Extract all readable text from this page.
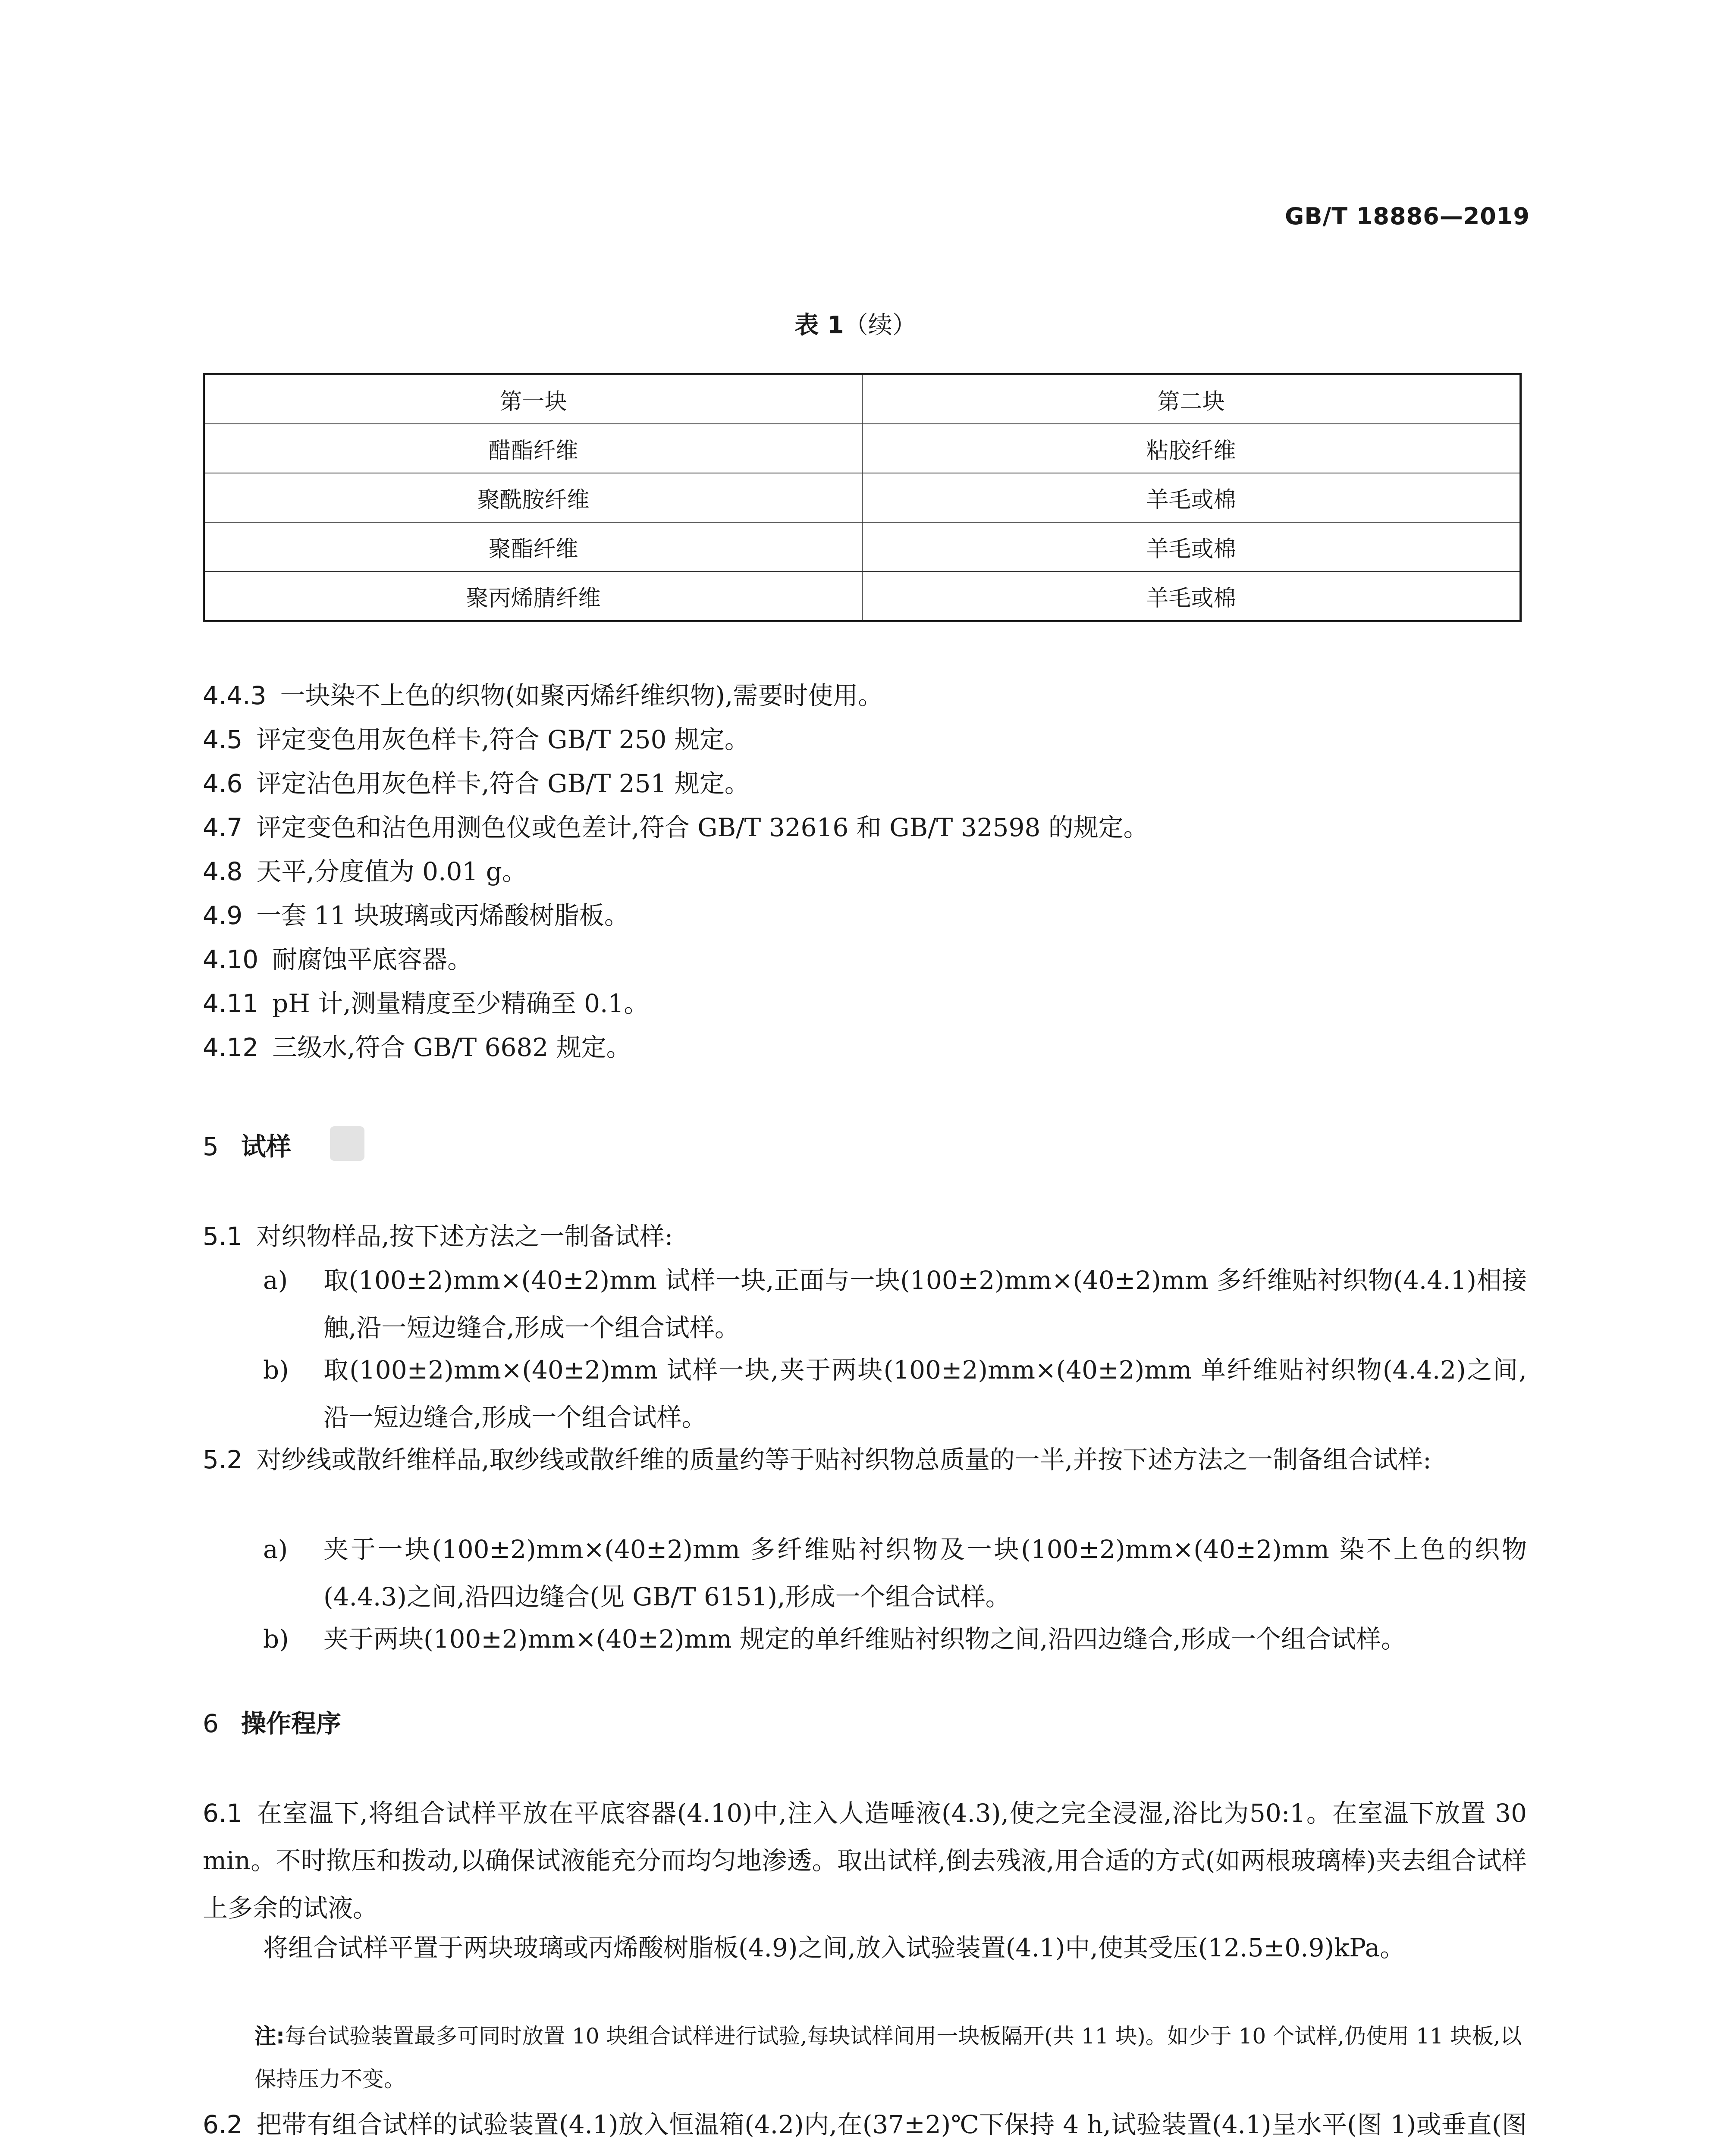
GB/T 18886—2019
表 1（续）
第一块	第二块
醋酯纤维	粘胶纤维
聚酰胺纤维	羊毛或棉
聚酯纤维	羊毛或棉
聚丙烯腈纤维	羊毛或棉
4.4.3 一块染不上色的织物(如聚丙烯纤维织物),需要时使用。
4.5 评定变色用灰色样卡,符合 GB/T 250 规定。
4.6 评定沾色用灰色样卡,符合 GB/T 251 规定。
4.7 评定变色和沾色用测色仪或色差计,符合 GB/T 32616 和 GB/T 32598 的规定。
4.8 天平,分度值为 0.01 g。
4.9 一套 11 块玻璃或丙烯酸树脂板。
4.10 耐腐蚀平底容器。
4.11 pH 计,测量精度至少精确至 0.1。
4.12 三级水,符合 GB/T 6682 规定。
5 试样
5.1 对织物样品,按下述方法之一制备试样:
a) 取(100±2)mm×(40±2)mm 试样一块,正面与一块(100±2)mm×(40±2)mm 多纤维贴衬织物(4.4.1)相接触,沿一短边缝合,形成一个组合试样。
b) 取(100±2)mm×(40±2)mm 试样一块,夹于两块(100±2)mm×(40±2)mm 单纤维贴衬织物(4.4.2)之间,沿一短边缝合,形成一个组合试样。
5.2 对纱线或散纤维样品,取纱线或散纤维的质量约等于贴衬织物总质量的一半,并按下述方法之一制备组合试样:
a) 夹于一块(100±2)mm×(40±2)mm 多纤维贴衬织物及一块(100±2)mm×(40±2)mm 染不上色的织物(4.4.3)之间,沿四边缝合(见 GB/T 6151),形成一个组合试样。
b) 夹于两块(100±2)mm×(40±2)mm 规定的单纤维贴衬织物之间,沿四边缝合,形成一个组合试样。
6 操作程序
6.1 在室温下,将组合试样平放在平底容器(4.10)中,注入人造唾液(4.3),使之完全浸湿,浴比为50:1。在室温下放置 30 min。不时揿压和拨动,以确保试液能充分而均匀地渗透。取出试样,倒去残液,用合适的方式(如两根玻璃棒)夹去组合试样上多余的试液。
将组合试样平置于两块玻璃或丙烯酸树脂板(4.9)之间,放入试验装置(4.1)中,使其受压(12.5±0.9)kPa。
注:每台试验装置最多可同时放置 10 块组合试样进行试验,每块试样间用一块板隔开(共 11 块)。如少于 10 个试样,仍使用 11 块板,以保持压力不变。
6.2 把带有组合试样的试验装置(4.1)放入恒温箱(4.2)内,在(37±2)℃下保持 4 h,试验装置(4.1)呈水平(图 1)或垂直(图
